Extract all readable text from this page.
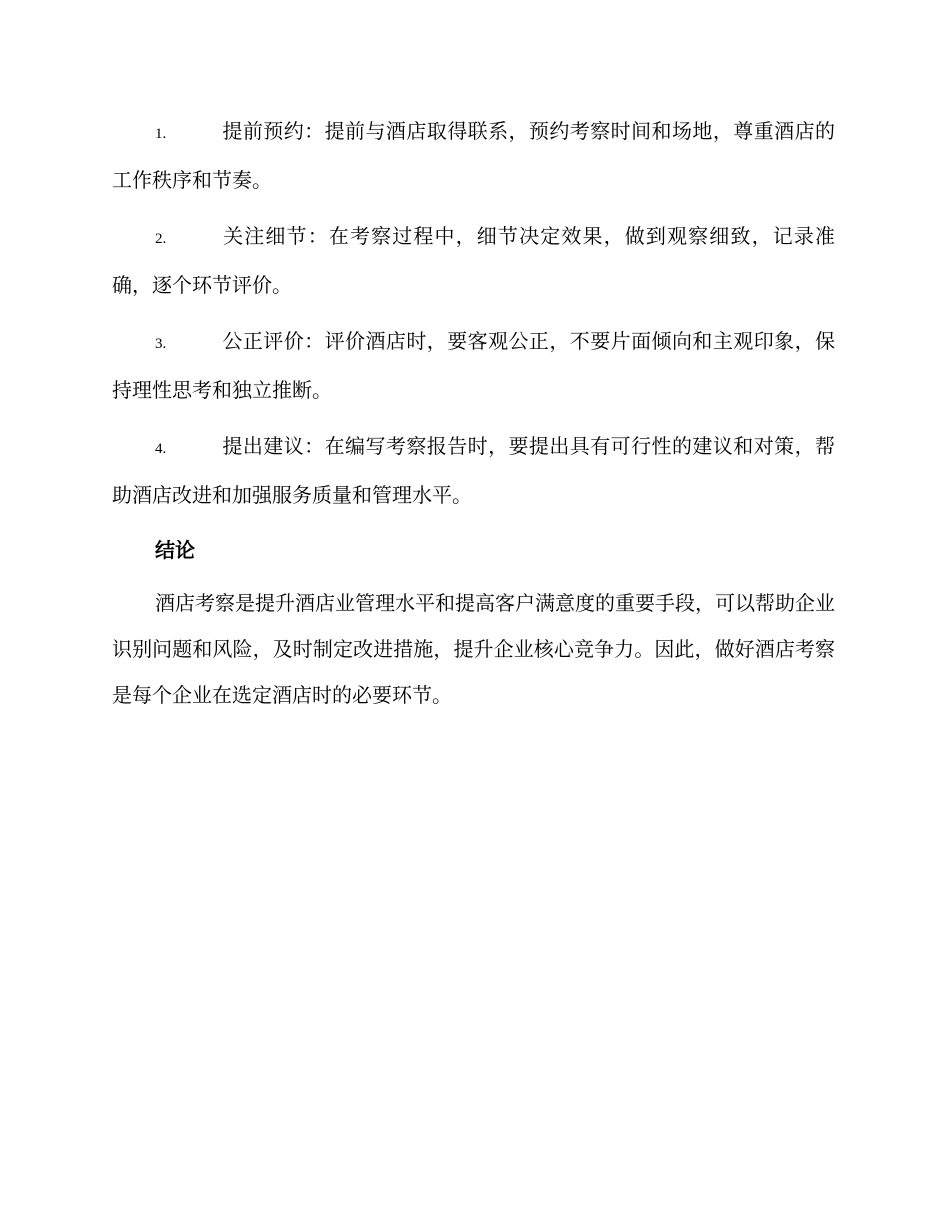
1.	提前预约：提前与酒店取得联系，预约考察时间和场地，尊重酒店的工作秩序和节奏。

2.	关注细节：在考察过程中，细节决定效果，做到观察细致，记录准确，逐个环节评价。

3.	公正评价：评价酒店时，要客观公正，不要片面倾向和主观印象，保持理性思考和独立推断。

4.	提出建议：在编写考察报告时，要提出具有可行性的建议和对策，帮助酒店改进和加强服务质量和管理水平。

结论

酒店考察是提升酒店业管理水平和提高客户满意度的重要手段，可以帮助企业识别问题和风险，及时制定改进措施，提升企业核心竞争力。因此，做好酒店考察是每个企业在选定酒店时的必要环节。
